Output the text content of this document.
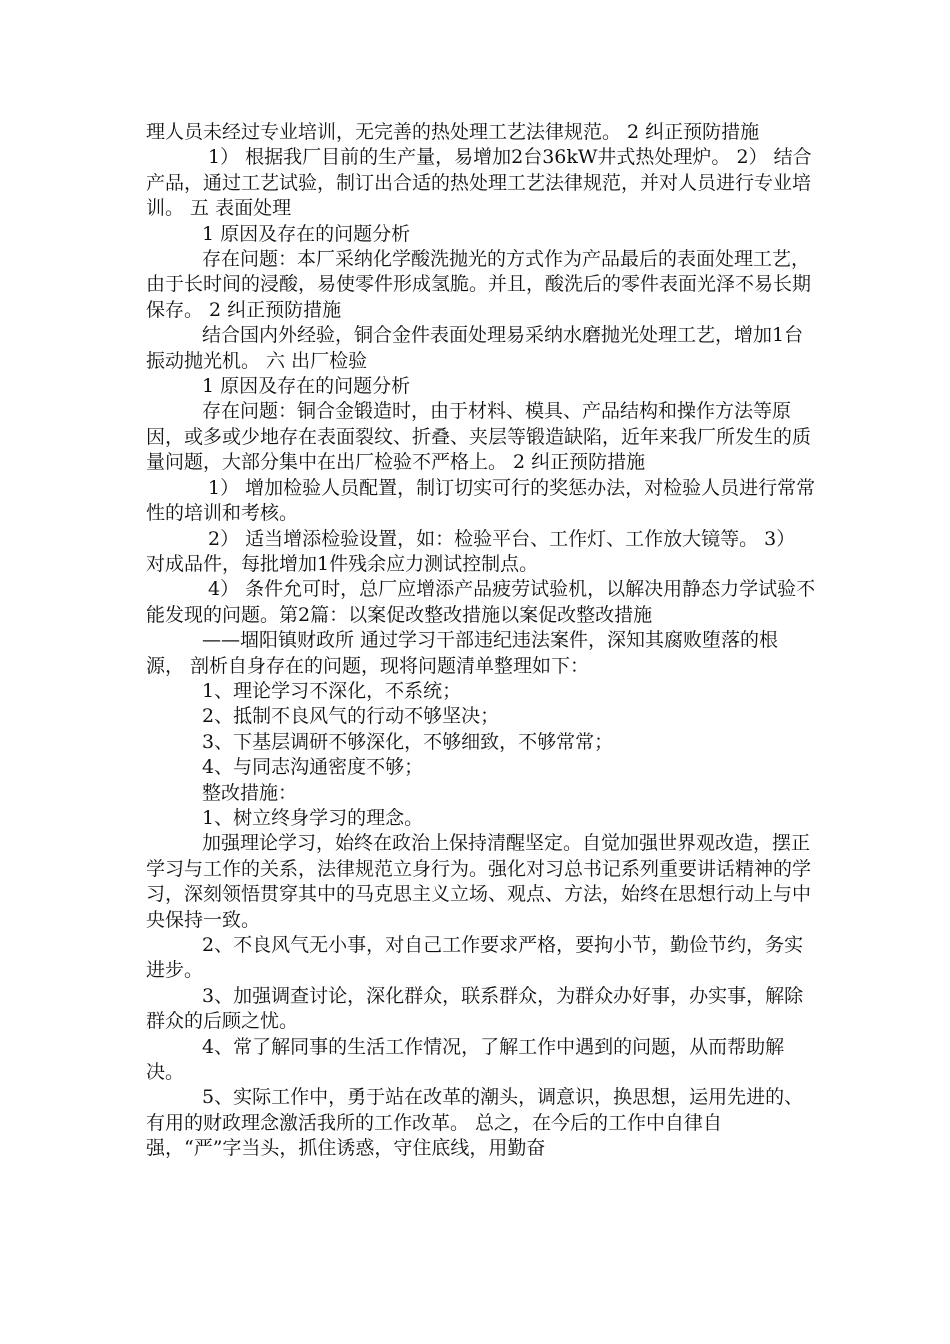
理人员未经过专业培训，无完善的热处理工艺法律规范。 2 纠正预防措施

1） 根据我厂目前的生产量，易增加2台36kW井式热处理炉。 2） 结合产品，通过工艺试验，制订出合适的热处理工艺法律规范，并对人员进行专业培训。 五 表面处理

1 原因及存在的问题分析

存在问题：本厂采纳化学酸洗抛光的方式作为产品最后的表面处理工艺，由于长时间的浸酸，易使零件形成氢脆。并且，酸洗后的零件表面光泽不易长期保存。 2 纠正预防措施

结合国内外经验，铜合金件表面处理易采纳水磨抛光处理工艺，增加1台振动抛光机。 六 出厂检验

1 原因及存在的问题分析

存在问题：铜合金锻造时，由于材料、模具、产品结构和操作方法等原因，或多或少地存在表面裂纹、折叠、夹层等锻造缺陷，近年来我厂所发生的质量问题，大部分集中在出厂检验不严格上。 2 纠正预防措施

1） 增加检验人员配置，制订切实可行的奖惩办法，对检验人员进行常常性的培训和考核。

2） 适当增添检验设置，如：检验平台、工作灯、工作放大镜等。 3） 对成品件，每批增加1件残余应力测试控制点。

4） 条件允可时，总厂应增添产品疲劳试验机，以解决用静态力学试验不能发现的问题。第2篇：以案促改整改措施以案促改整改措施

——堌阳镇财政所 通过学习干部违纪违法案件，深知其腐败堕落的根源， 剖析自身存在的问题，现将问题清单整理如下：

1、理论学习不深化，不系统；

2、抵制不良风气的行动不够坚决；

3、下基层调研不够深化，不够细致，不够常常；

4、与同志沟通密度不够；

整改措施：

1、树立终身学习的理念。

加强理论学习，始终在政治上保持清醒坚定。自觉加强世界观改造，摆正学习与工作的关系，法律规范立身行为。强化对习总书记系列重要讲话精神的学习，深刻领悟贯穿其中的马克思主义立场、观点、方法，始终在思想行动上与中央保持一致。

2、不良风气无小事，对自己工作要求严格，要拘小节，勤俭节约，务实进步。

3、加强调查讨论，深化群众，联系群众，为群众办好事，办实事，解除群众的后顾之忧。

4、常了解同事的生活工作情况，了解工作中遇到的问题，从而帮助解决。

5、实际工作中，勇于站在改革的潮头，调意识，换思想，运用先进的、有用的财政理念激活我所的工作改革。 总之，在今后的工作中自律自强，“严”字当头，抓住诱惑，守住底线，用勤奋
